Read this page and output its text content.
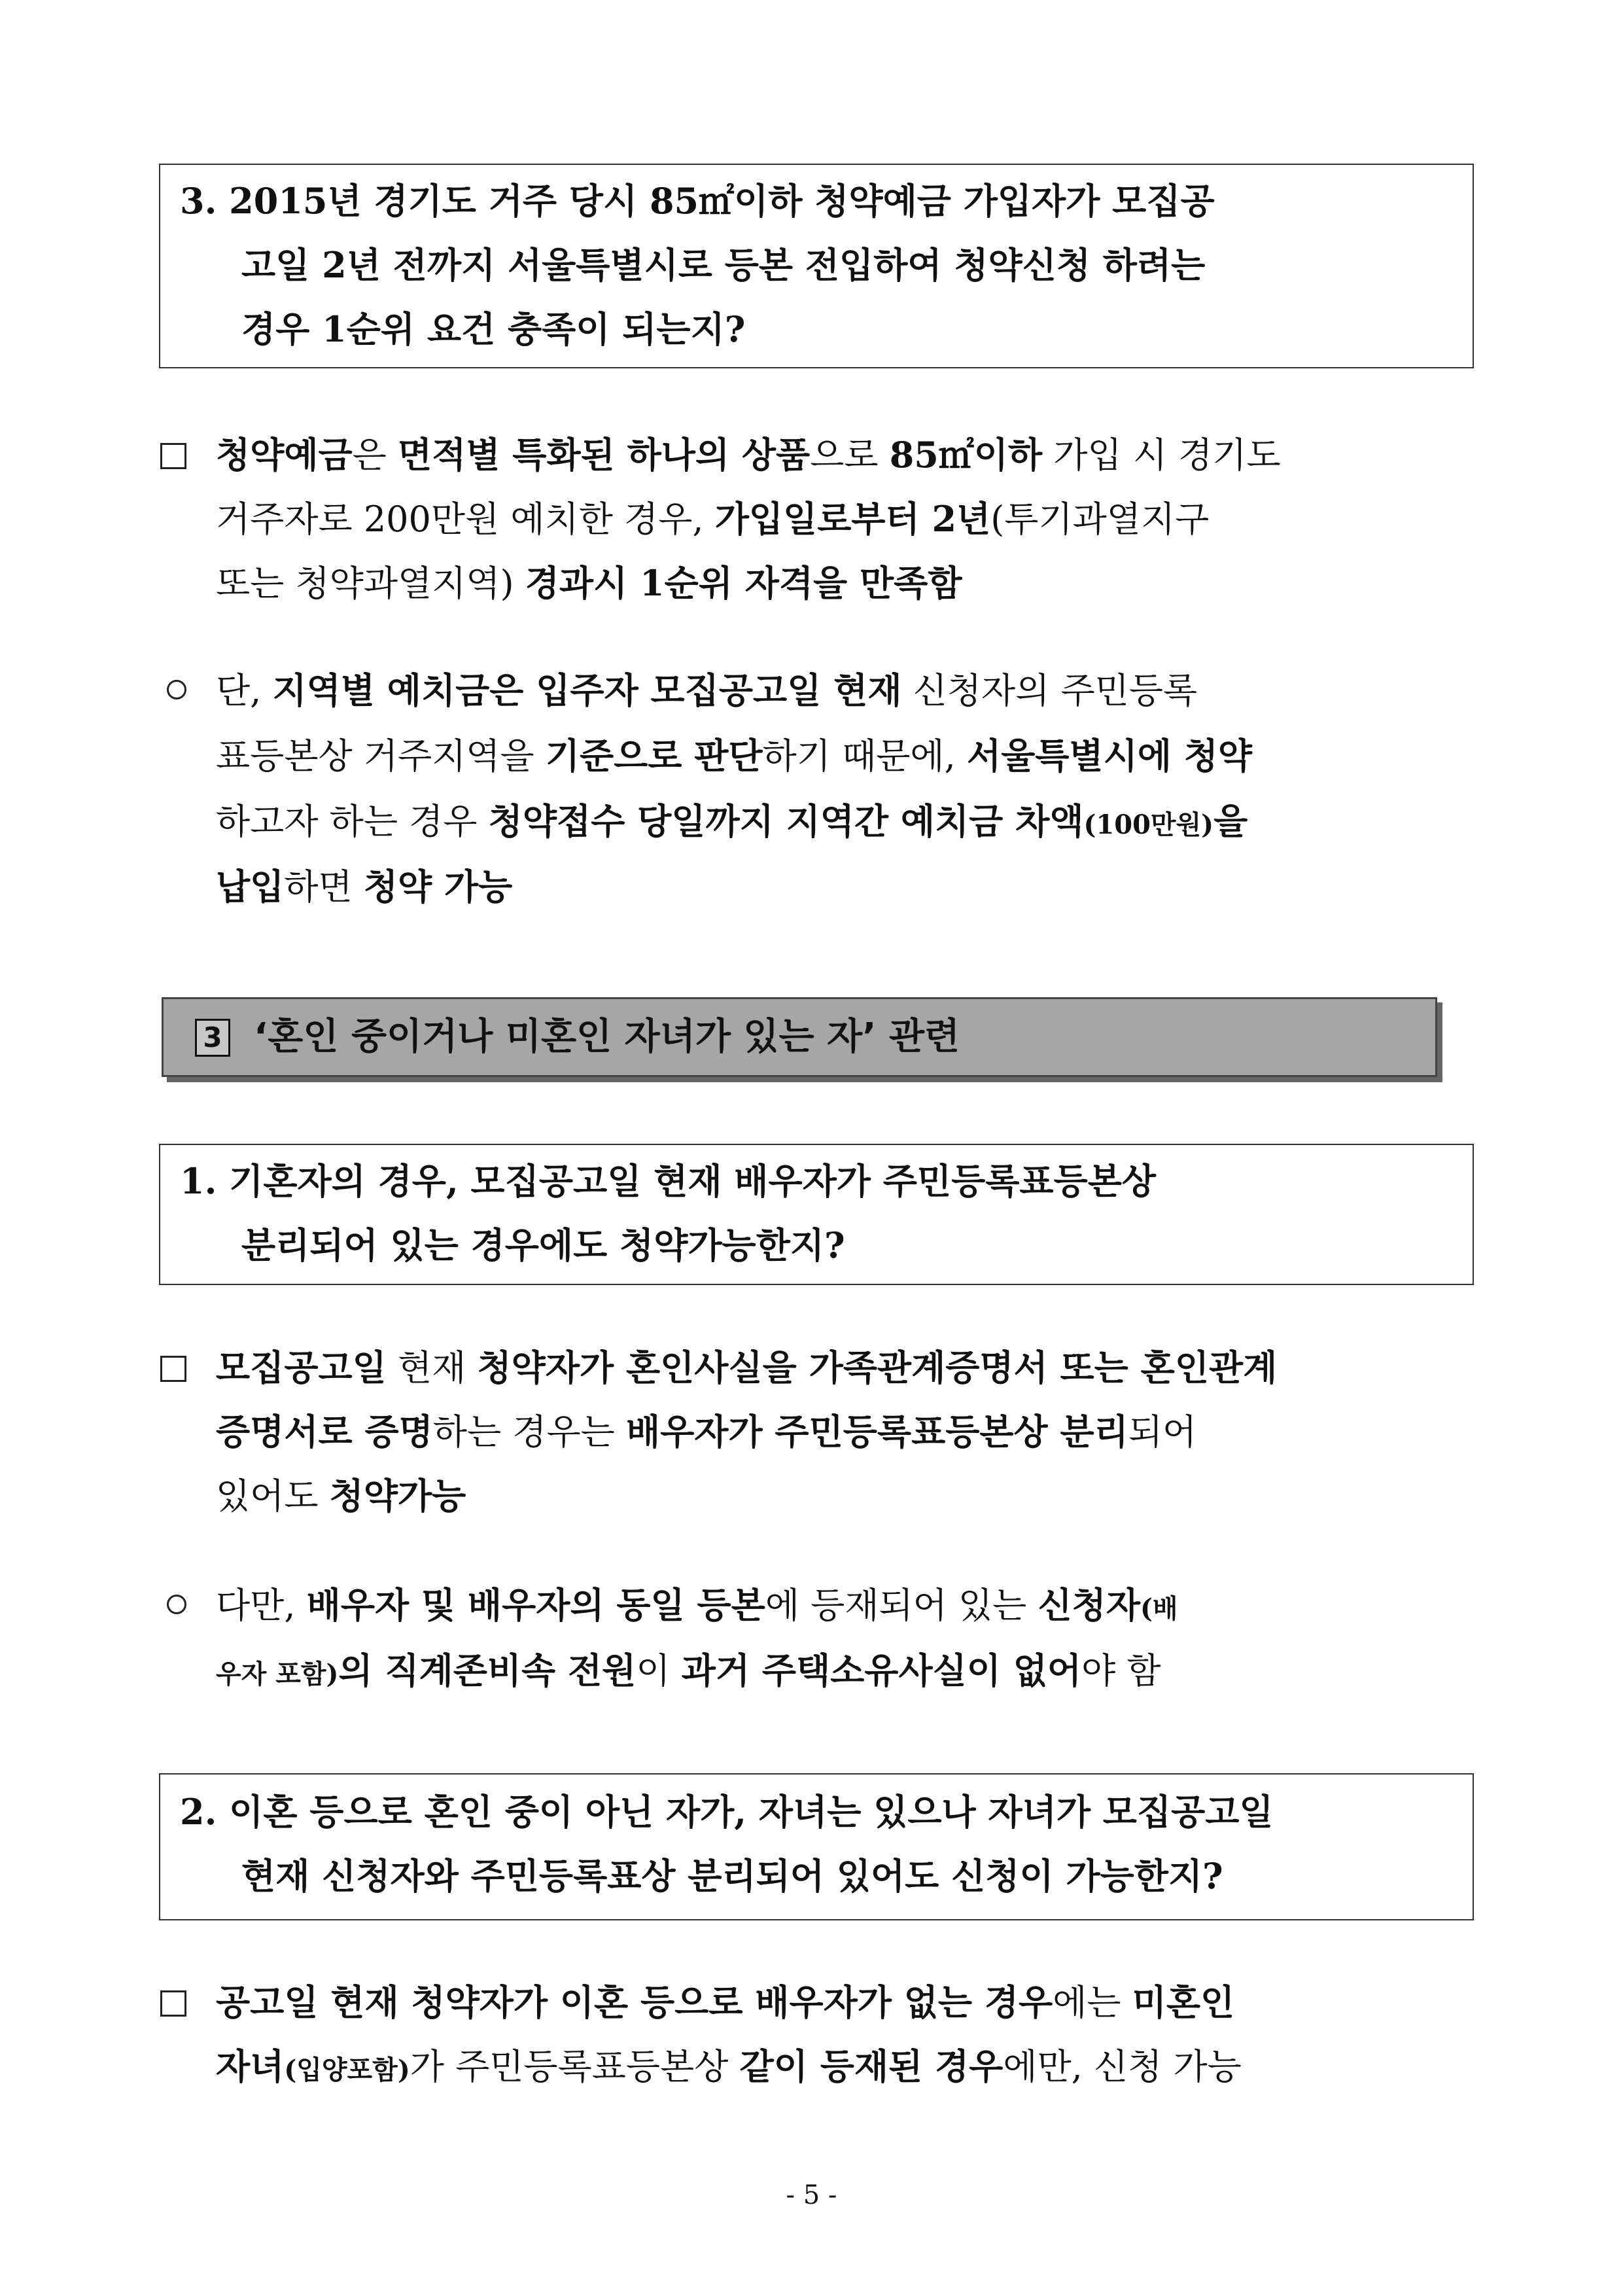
3. 2015년 경기도 거주 당시 85㎡이하 청약예금 가입자가 모집공
고일 2년 전까지 서울특별시로 등본 전입하여 청약신청 하려는
경우 1순위 요건 충족이 되는지?
청약예금은 면적별 특화된 하나의 상품으로 85㎡이하 가입 시 경기도
거주자로 200만원 예치한 경우, 가입일로부터 2년(투기과열지구
또는 청약과열지역) 경과시 1순위 자격을 만족함
단, 지역별 예치금은 입주자 모집공고일 현재 신청자의 주민등록
표등본상 거주지역을 기준으로 판단하기 때문에, 서울특별시에 청약
하고자 하는 경우 청약접수 당일까지 지역간 예치금 차액(100만원)을
납입하면 청약 가능
3 ‘혼인 중이거나 미혼인 자녀가 있는 자’ 관련
1. 기혼자의 경우, 모집공고일 현재 배우자가 주민등록표등본상
분리되어 있는 경우에도 청약가능한지?
모집공고일 현재 청약자가 혼인사실을 가족관계증명서 또는 혼인관계
증명서로 증명하는 경우는 배우자가 주민등록표등본상 분리되어
있어도 청약가능
다만, 배우자 및 배우자의 동일 등본에 등재되어 있는 신청자(배
우자 포함)의 직계존비속 전원이 과거 주택소유사실이 없어야 함
2. 이혼 등으로 혼인 중이 아닌 자가, 자녀는 있으나 자녀가 모집공고일
현재 신청자와 주민등록표상 분리되어 있어도 신청이 가능한지?
공고일 현재 청약자가 이혼 등으로 배우자가 없는 경우에는 미혼인
자녀(입양포함)가 주민등록표등본상 같이 등재된 경우에만, 신청 가능
- 5 -
